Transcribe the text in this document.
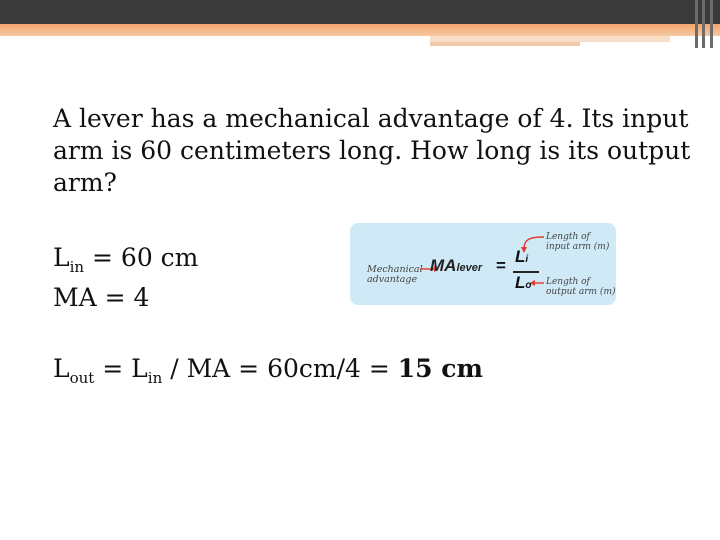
A lever has a mechanical advantage of 4. Its input arm is 60 centimeters long. How long is its output arm?
$L_{in} = 60$ cm
MA = 4
$L_{out} = L_{in}$ / MA = 60cm/4 = 15 cm
Mechanical
advantage
MAlever = Li
Lo
Length of
input arm (m)
Length of
output arm (m)
